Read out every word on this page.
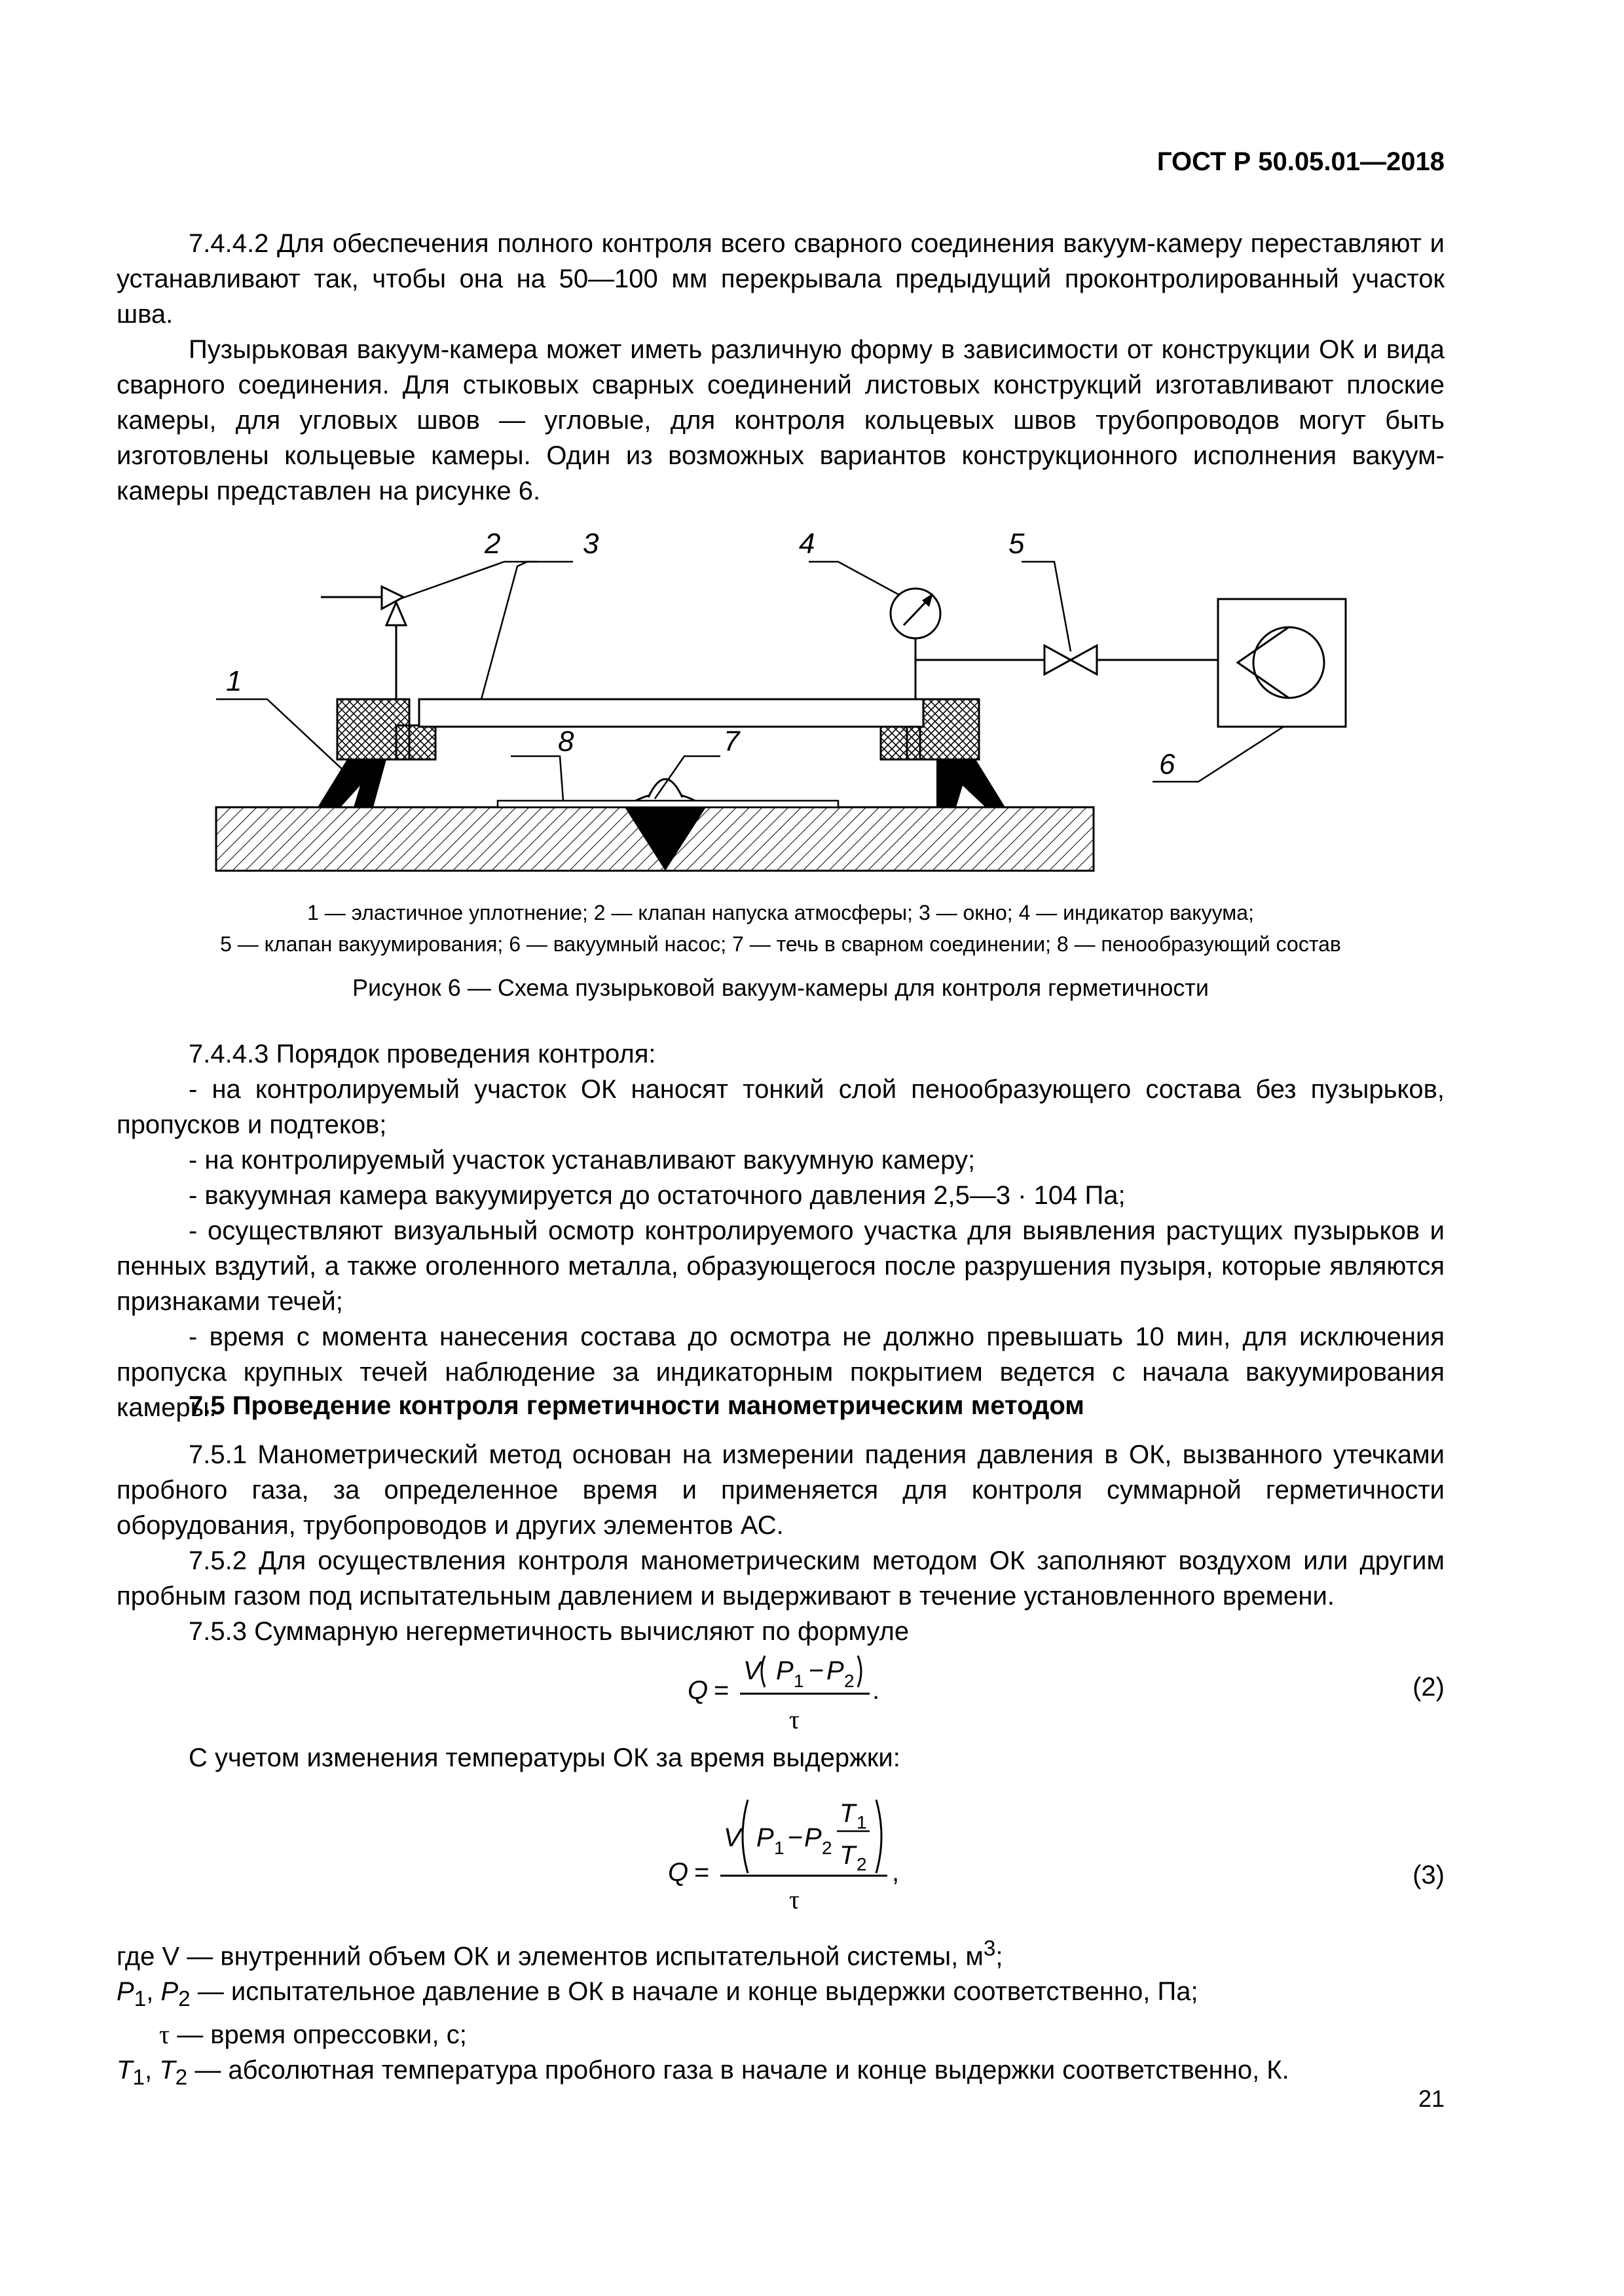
ГОСТ Р 50.05.01—2018

7.4.4.2 Для обеспечения полного контроля всего сварного соединения вакуум-камеру переставляют и устанавливают так, чтобы она на 50—100 мм перекрывала предыдущий проконтролированный участок шва.

Пузырьковая вакуум-камера может иметь различную форму в зависимости от конструкции ОК и вида сварного соединения. Для стыковых сварных соединений листовых конструкций изготавливают плоские камеры, для угловых швов — угловые, для контроля кольцевых швов трубопроводов могут быть изготовлены кольцевые камеры. Один из возможных вариантов конструкционного исполнения вакуум-камеры представлен на рисунке 6.

1
2	3	4	5
6
7
8
1 — эластичное уплотнение; 2 — клапан напуска атмосферы; 3 — окно; 4 — индикатор вакуума;
5 — клапан вакуумирования; 6 — вакуумный насос; 7 — течь в сварном соединении; 8 — пенообразующий состав
Рисунок 6 — Схема пузырьковой вакуум-камеры для контроля герметичности

7.4.4.3 Порядок проведения контроля:

- на контролируемый участок ОК наносят тонкий слой пенообразующего состава без пузырьков, пропусков и подтеков;

- на контролируемый участок устанавливают вакуумную камеру;

- вакуумная камера вакуумируется до остаточного давления 2,5—3 · 104 Па;

- осуществляют визуальный осмотр контролируемого участка для выявления растущих пузырьков и пенных вздутий, а также оголенного металла, образующегося после разрушения пузыря, которые являются признаками течей;

- время с момента нанесения состава до осмотра не должно превышать 10 мин, для исключения пропуска крупных течей наблюдение за индикаторным покрытием ведется с начала вакуумирования камеры.

7.5 Проведение контроля герметичности манометрическим методом

7.5.1 Манометрический метод основан на измерении падения давления в ОК, вызванного утечками пробного газа, за определенное время и применяется для контроля суммарной герметичности оборудования, трубопроводов и других элементов АС.

7.5.2 Для осуществления контроля манометрическим методом ОК заполняют воздухом или другим пробным газом под испытательным давлением и выдерживают в течение установленного времени.

7.5.3 Суммарную негерметичность вычисляют по формуле

Q =
V P 1 − P 2
τ
.	(2)

С учетом изменения температуры ОК за время выдержки:

Q =
V P 1 − P 2
T 1
T 2
τ
,	(3)
где V — внутренний объем ОК и элементов испытательной системы, $м^3$;
$P_1$, $P_2$ — испытательное давление в ОК в начале и конце выдержки соответственно, Па;
τ — время опрессовки, с;
$T_1$, $T_2$ — абсолютная температура пробного газа в начале и конце выдержки соответственно, К.
21
